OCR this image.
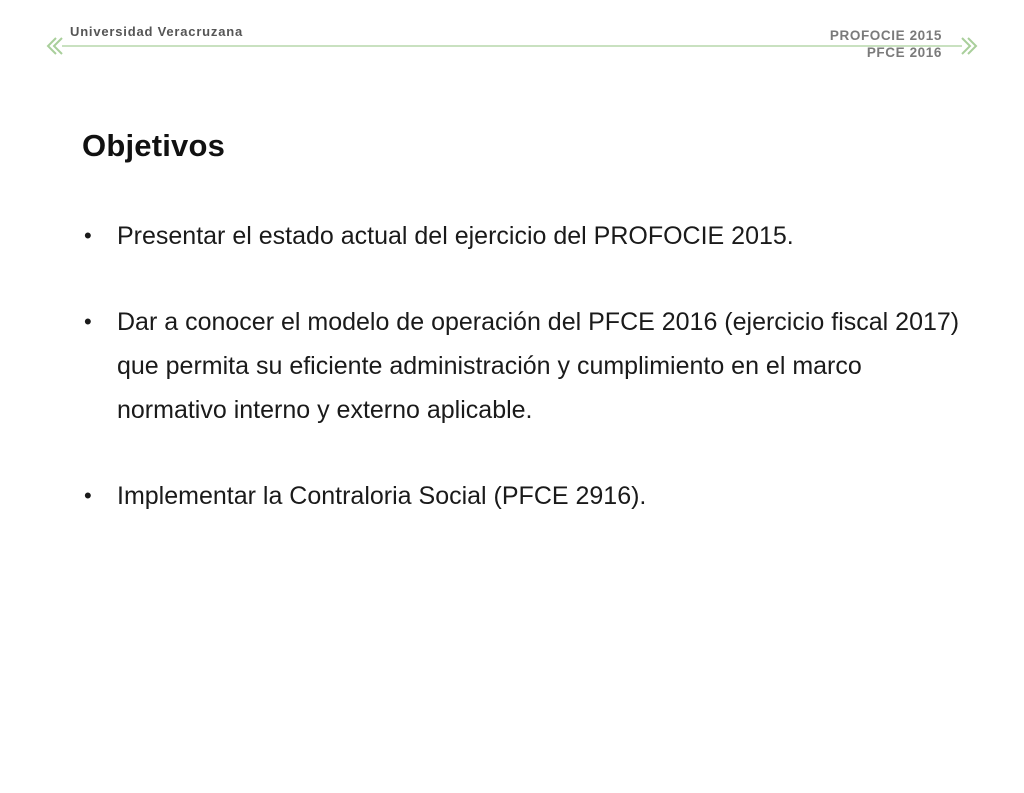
Universidad Veracruzana	PROFOCIE 2015
PFCE 2016
Objetivos
• Presentar el estado actual del ejercicio del PROFOCIE 2015.
• Dar a conocer el modelo de operación del PFCE 2016 (ejercicio fiscal 2017) que permita su eficiente administración y cumplimiento en el marco normativo interno y externo aplicable.
• Implementar la Contraloria Social (PFCE 2916).
